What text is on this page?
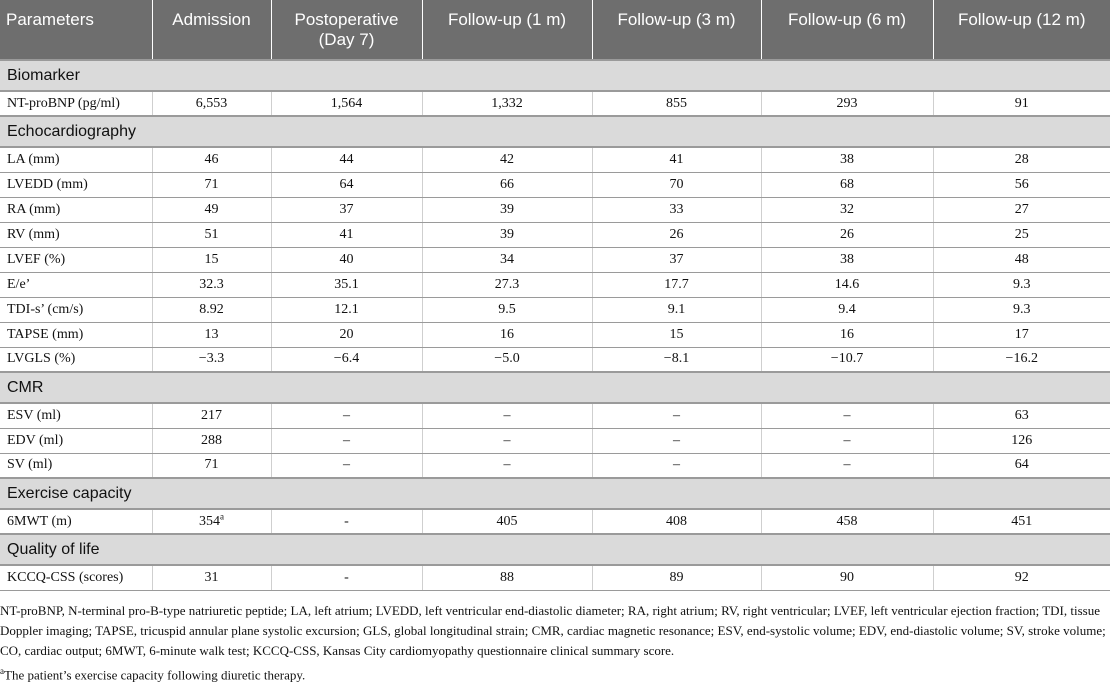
Parameters	Admission	Postoperative (Day 7)	Follow-up (1 m)	Follow-up (3 m)	Follow-up (6 m)	Follow-up (12 m)
Biomarker						
NT-proBNP (pg/ml)	6,553	1,564	1,332	855	293	91
Echocardiography						
LA (mm)	46	44	42	41	38	28
LVEDD (mm)	71	64	66	70	68	56
RA (mm)	49	37	39	33	32	27
RV (mm)	51	41	39	26	26	25
LVEF (%)	15	40	34	37	38	48
E/e’	32.3	35.1	27.3	17.7	14.6	9.3
TDI-s’ (cm/s)	8.92	12.1	9.5	9.1	9.4	9.3
TAPSE (mm)	13	20	16	15	16	17
LVGLS (%)	−3.3	−6.4	−5.0	−8.1	−10.7	−16.2
CMR						
ESV (ml)	217	–	–	–	–	63
EDV (ml)	288	–	–	–	–	126
SV (ml)	71	–	–	–	–	64
Exercise capacity						
6MWT (m)	354$^a$	-	405	408	458	451
Quality of life						
KCCQ-CSS (scores)	31	-	88	89	90	92

NT-proBNP, N-terminal pro-B-type natriuretic peptide; LA, left atrium; LVEDD, left ventricular end-diastolic diameter; RA, right atrium; RV, right ventricular; LVEF, left ventricular ejection fraction; TDI, tissue Doppler imaging; TAPSE, tricuspid annular plane systolic excursion; GLS, global longitudinal strain; CMR, cardiac magnetic resonance; ESV, end-systolic volume; EDV, end-diastolic volume; SV, stroke volume; CO, cardiac output; 6MWT, 6-minute walk test; KCCQ-CSS, Kansas City cardiomyopathy questionnaire clinical summary score.

$^a$The patient’s exercise capacity following diuretic therapy.
